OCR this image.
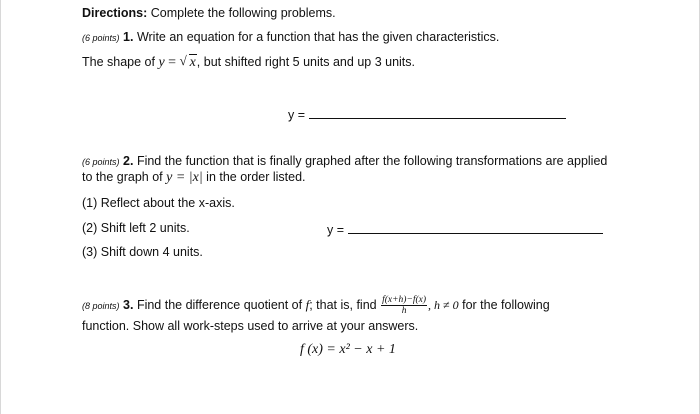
Directions: Complete the following problems.
(6 points) 1. Write an equation for a function that has the given characteristics.
The shape of y = √ x, but shifted right 5 units and up 3 units.
y =
(6 points) 2. Find the function that is finally graphed after the following transformations are applied
to the graph of y = |x| in the order listed.
(1) Reflect about the x-axis.
(2) Shift left 2 units.
(3) Shift down 4 units.
y =
(8 points) 3. Find the difference quotient of f; that is, find $\frac{f(x+h)-f(x)}{h}$ , h ≠ 0 for the following
function. Show all work-steps used to arrive at your answers.
f (x) = x² − x + 1
